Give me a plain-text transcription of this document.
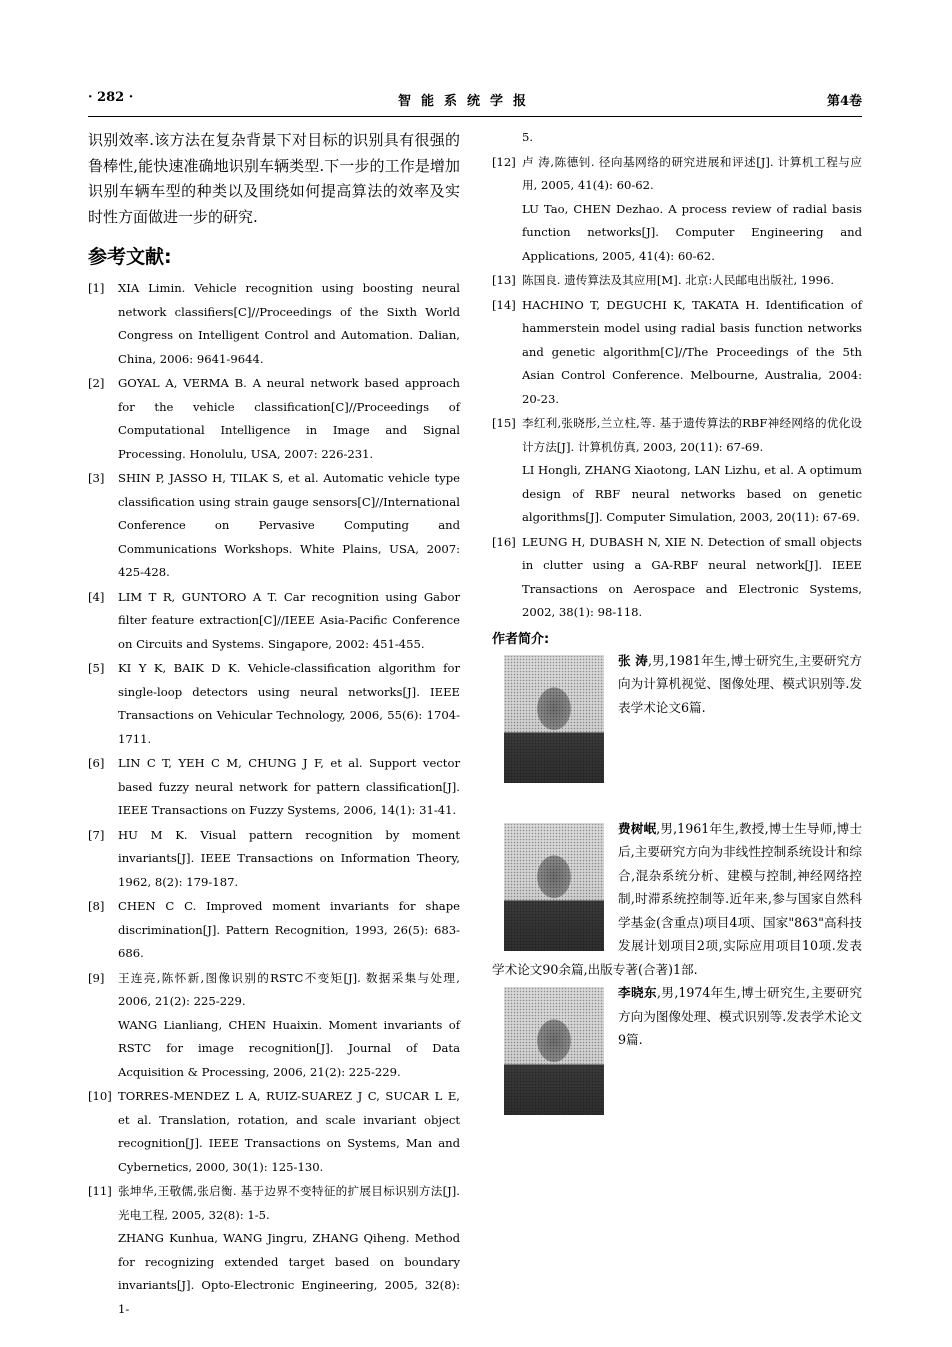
· 282 ·	智能系统学报	第4卷

识别效率.该方法在复杂背景下对目标的识别具有很强的鲁棒性,能快速准确地识别车辆类型.下一步的工作是增加识别车辆车型的种类以及围绕如何提高算法的效率及实时性方面做进一步的研究.

参考文献:
[1] XIA Limin. Vehicle recognition using boosting neural network classifiers[C]//Proceedings of the Sixth World Congress on Intelligent Control and Automation. Dalian, China, 2006: 9641-9644.
[2] GOYAL A, VERMA B. A neural network based approach for the vehicle classification[C]//Proceedings of Computational Intelligence in Image and Signal Processing. Honolulu, USA, 2007: 226-231.
[3] SHIN P, JASSO H, TILAK S, et al. Automatic vehicle type classification using strain gauge sensors[C]//International Conference on Pervasive Computing and Communications Workshops. White Plains, USA, 2007: 425-428.
[4] LIM T R, GUNTORO A T. Car recognition using Gabor filter feature extraction[C]//IEEE Asia-Pacific Conference on Circuits and Systems. Singapore, 2002: 451-455.
[5] KI Y K, BAIK D K. Vehicle-classification algorithm for single-loop detectors using neural networks[J]. IEEE Transactions on Vehicular Technology, 2006, 55(6): 1704-1711.
[6] LIN C T, YEH C M, CHUNG J F, et al. Support vector based fuzzy neural network for pattern classification[J]. IEEE Transactions on Fuzzy Systems, 2006, 14(1): 31-41.
[7] HU M K. Visual pattern recognition by moment invariants[J]. IEEE Transactions on Information Theory, 1962, 8(2): 179-187.
[8] CHEN C C. Improved moment invariants for shape discrimination[J]. Pattern Recognition, 1993, 26(5): 683-686.
[9] 王连亮,陈怀新,图像识别的RSTC不变矩[J]. 数据采集与处理, 2006, 21(2): 225-229.
WANG Lianliang, CHEN Huaixin. Moment invariants of RSTC for image recognition[J]. Journal of Data Acquisition & Processing, 2006, 21(2): 225-229.
[10] TORRES-MENDEZ L A, RUIZ-SUAREZ J C, SUCAR L E, et al. Translation, rotation, and scale invariant object recognition[J]. IEEE Transactions on Systems, Man and Cybernetics, 2000, 30(1): 125-130.
[11] 张坤华,王敬儒,张启衡. 基于边界不变特征的扩展目标识别方法[J]. 光电工程, 2005, 32(8): 1-5.
ZHANG Kunhua, WANG Jingru, ZHANG Qiheng. Method for recognizing extended target based on boundary invariants[J]. Opto-Electronic Engineering, 2005, 32(8): 1-
5.
[12] 卢 涛,陈德钊. 径向基网络的研究进展和评述[J]. 计算机工程与应用, 2005, 41(4): 60-62.
LU Tao, CHEN Dezhao. A process review of radial basis function networks[J]. Computer Engineering and Applications, 2005, 41(4): 60-62.
[13] 陈国良. 遗传算法及其应用[M]. 北京:人民邮电出版社, 1996.
[14] HACHINO T, DEGUCHI K, TAKATA H. Identification of hammerstein model using radial basis function networks and genetic algorithm[C]//The Proceedings of the 5th Asian Control Conference. Melbourne, Australia, 2004: 20-23.
[15] 李红利,张晓彤,兰立柱,等. 基于遗传算法的RBF神经网络的优化设计方法[J]. 计算机仿真, 2003, 20(11): 67-69.
LI Hongli, ZHANG Xiaotong, LAN Lizhu, et al. A optimum design of RBF neural networks based on genetic algorithms[J]. Computer Simulation, 2003, 20(11): 67-69.
[16] LEUNG H, DUBASH N, XIE N. Detection of small objects in clutter using a GA-RBF neural network[J]. IEEE Transactions on Aerospace and Electronic Systems, 2002, 38(1): 98-118.
作者简介:
张 涛,男,1981年生,博士研究生,主要研究方向为计算机视觉、图像处理、模式识别等.发表学术论文6篇.
费树岷,男,1961年生,教授,博士生导师,博士后,主要研究方向为非线性控制系统设计和综合,混杂系统分析、建模与控制,神经网络控制,时滞系统控制等.近年来,参与国家自然科学基金(含重点)项目4项、国家"863"高科技发展计划项目2项,实际应用项目10项.发表学术论文90余篇,出版专著(合著)1部.
李晓东,男,1974年生,博士研究生,主要研究方向为图像处理、模式识别等.发表学术论文9篇.
